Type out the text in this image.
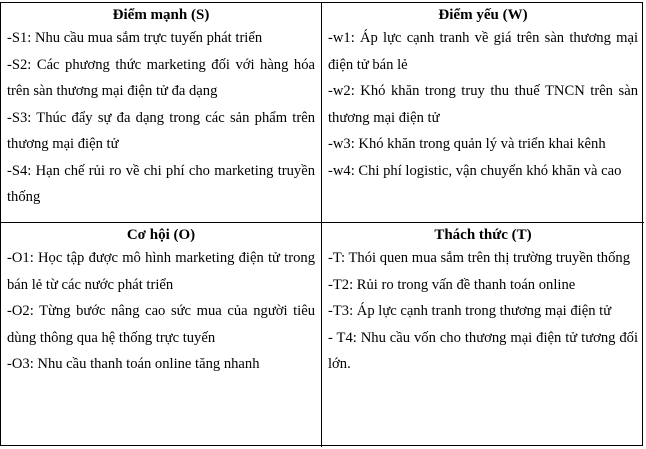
Điểm mạnh (S)

-S1: Nhu cầu mua sắm trực tuyến phát triển

-S2: Các phương thức marketing đối với hàng hóa trên sàn thương mại điện tử đa dạng

-S3: Thúc đẩy sự đa dạng trong các sản phẩm trên thương mại điện tử

-S4: Hạn chế rủi ro về chi phí cho marketing truyền thống

Điểm yếu (W)

-w1: Áp lực cạnh tranh về giá trên sàn thương mại điện tử bán lẻ

-w2: Khó khăn trong truy thu thuế TNCN trên sàn thương mại điện tử

-w3: Khó khăn trong quản lý và triển khai kênh

-w4: Chi phí logistic, vận chuyển khó khăn và cao

Cơ hội (O)

-O1: Học tập được mô hình marketing điện tử trong bán lẻ từ các nước phát triển

-O2: Từng bước nâng cao sức mua của người tiêu dùng thông qua hệ thống trực tuyến

-O3: Nhu cầu thanh toán online tăng nhanh

Thách thức (T)

-T: Thói quen mua sắm trên thị trường truyền thống

-T2: Rủi ro trong vấn đề thanh toán online

-T3: Áp lực cạnh tranh trong thương mại điện tử

- T4: Nhu cầu vốn cho thương mại điện tử tương đối lớn.
